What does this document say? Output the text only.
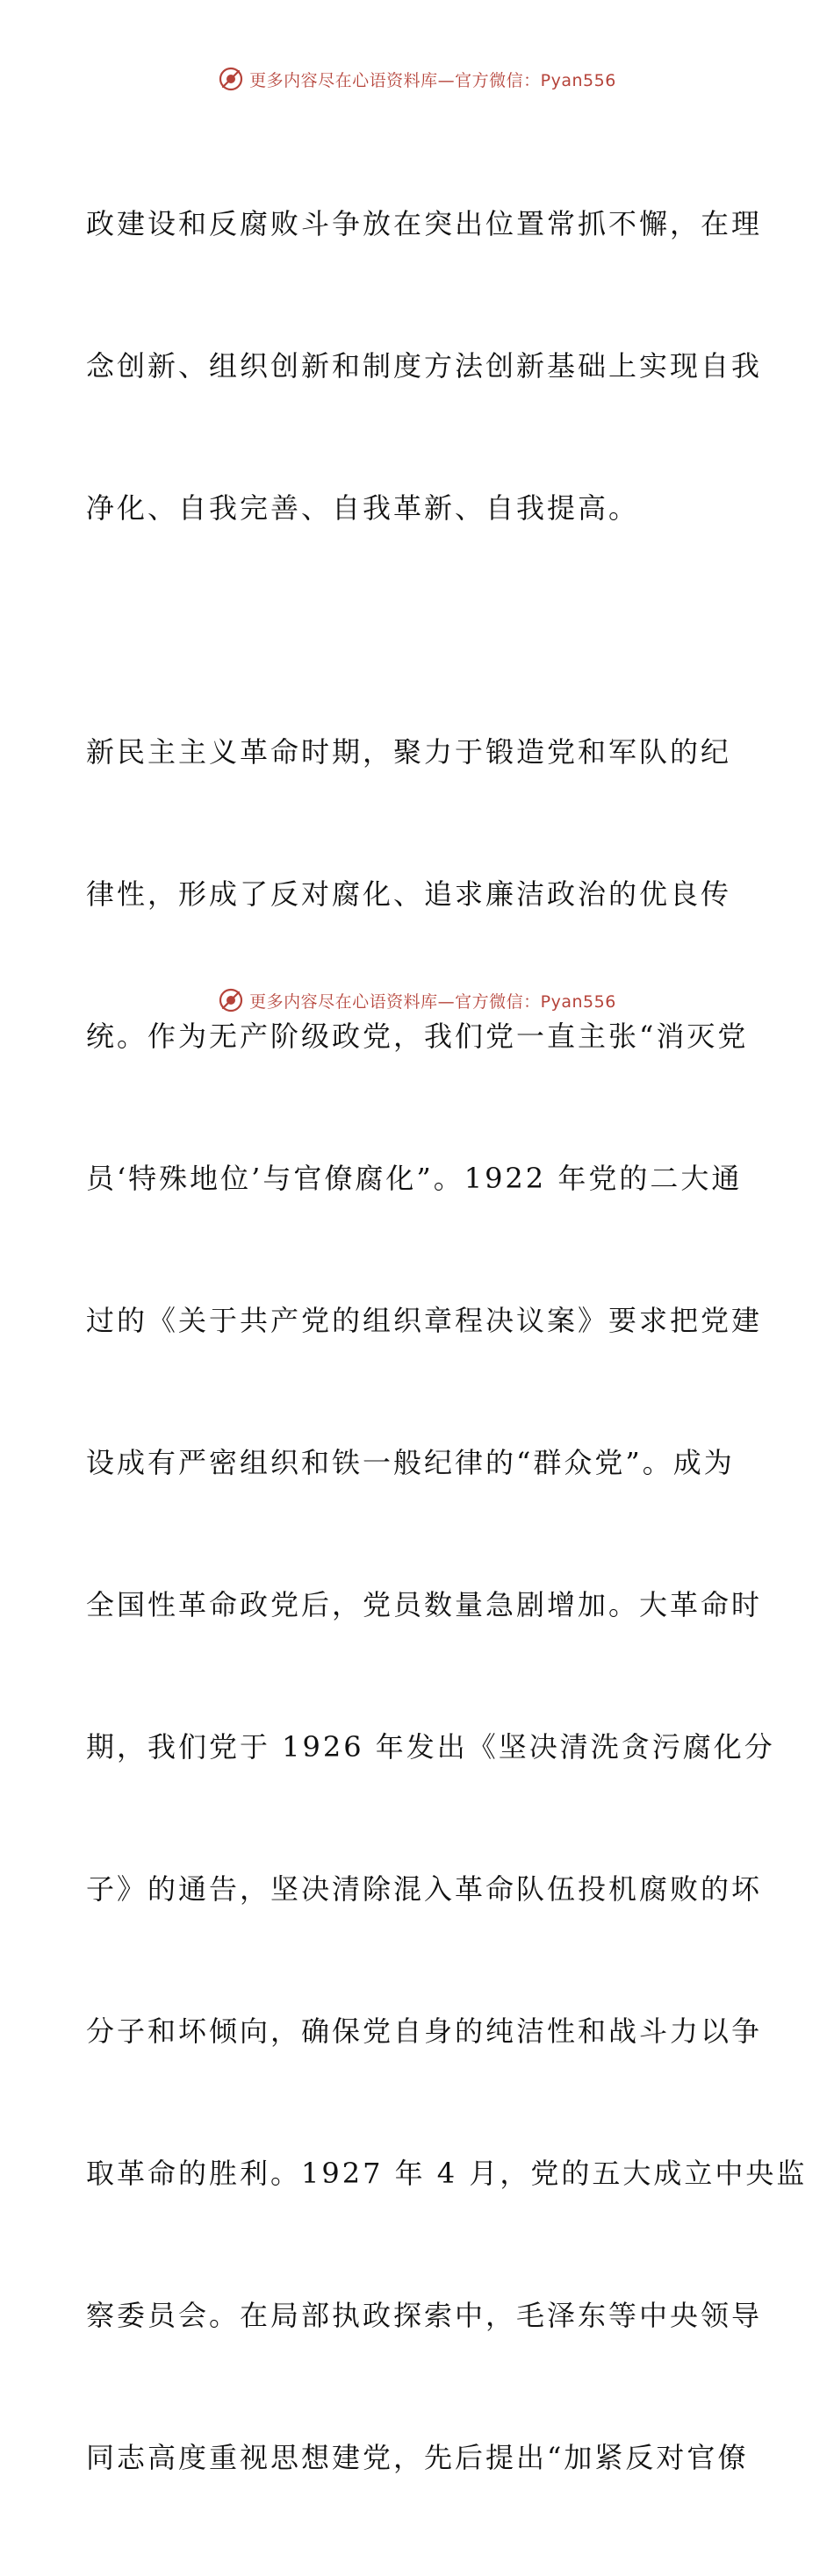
更多内容尽在心语资料库—官方微信：Pyan556

政建设和反腐败斗争放在突出位置常抓不懈，在理

念创新、组织创新和制度方法创新基础上实现自我

净化、自我完善、自我革新、自我提高。

新民主主义革命时期，聚力于锻造党和军队的纪

律性，形成了反对腐化、追求廉洁政治的优良传

统。作为无产阶级政党，我们党一直主张“消灭党

员‘特殊地位’与官僚腐化”。1922 年党的二大通

过的《关于共产党的组织章程决议案》要求把党建

设成有严密组织和铁一般纪律的“群众党”。成为

全国性革命政党后，党员数量急剧增加。大革命时

期，我们党于 1926 年发出《坚决清洗贪污腐化分

子》的通告，坚决清除混入革命队伍投机腐败的坏

分子和坏倾向，确保党自身的纯洁性和战斗力以争

取革命的胜利。1927 年 4 月，党的五大成立中央监

察委员会。在局部执政探索中，毛泽东等中央领导

同志高度重视思想建党，先后提出“加紧反对官僚

更多内容尽在心语资料库—官方微信：Pyan556
